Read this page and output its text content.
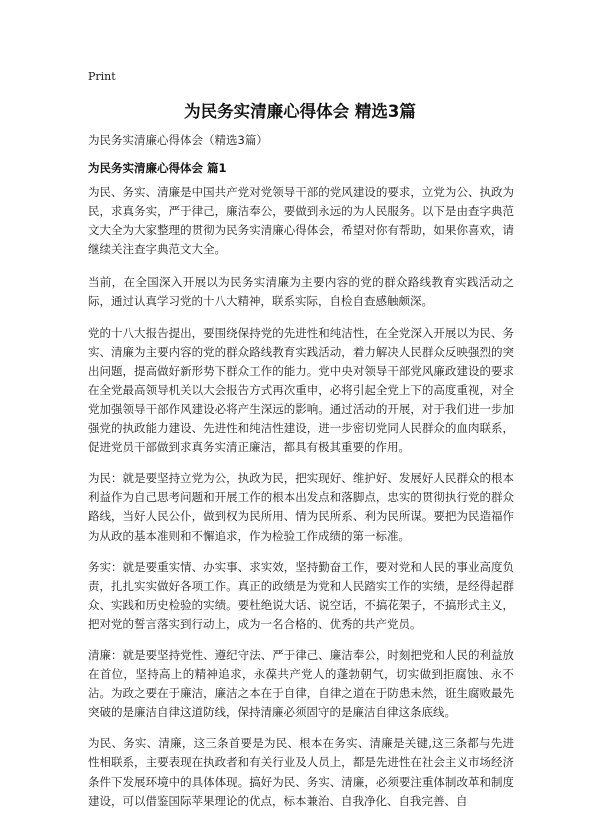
Print
为民务实清廉心得体会 精选3篇
为民务实清廉心得体会（精选3篇）
为民务实清廉心得体会 篇1

为民、务实、清廉是中国共产党对党领导干部的党风建设的要求，立党为公、执政为民，求真务实，严于律己，廉洁奉公，要做到永远的为人民服务。以下是由查字典范文大全为大家整理的贯彻为民务实清廉心得体会，希望对你有帮助，如果你喜欢，请继续关注查字典范文大全。

当前，在全国深入开展以为民务实清廉为主要内容的党的群众路线教育实践活动之际，通过认真学习党的十八大精神，联系实际，自检自查感触颇深。

党的十八大报告提出，要围绕保持党的先进性和纯洁性，在全党深入开展以为民、务实、清廉为主要内容的党的群众路线教育实践活动，着力解决人民群众反映强烈的突出问题，提高做好新形势下群众工作的能力。党中央对领导干部党风廉政建设的要求在全党最高领导机关以大会报告方式再次重申，必将引起全党上下的高度重视，对全党加强领导干部作风建设必将产生深远的影响。通过活动的开展，对于我们进一步加强党的执政能力建设、先进性和纯洁性建设，进一步密切党同人民群众的血肉联系，促进党员干部做到求真务实清正廉洁，都具有极其重要的作用。

为民：就是要坚持立党为公，执政为民，把实现好、维护好、发展好人民群众的根本利益作为自己思考问题和开展工作的根本出发点和落脚点，忠实的贯彻执行党的群众路线，当好人民公仆，做到权为民所用、情为民所系、利为民所谋。要把为民造福作为从政的基本准则和不懈追求，作为检验工作成绩的第一标准。

务实：就是要重实情、办实事、求实效，坚持勤奋工作，要对党和人民的事业高度负责，扎扎实实做好各项工作。真正的政绩是为党和人民踏实工作的实绩，是经得起群众、实践和历史检验的实绩。要杜绝说大话、说空话，不搞花架子，不搞形式主义，把对党的誓言落实到行动上，成为一名合格的、优秀的共产党员。

清廉：就是要坚持党性、遵纪守法、严于律己、廉洁奉公，时刻把党和人民的利益放在首位，坚持高上的精神追求，永葆共产党人的蓬勃朝气，切实做到拒腐蚀、永不沾。为政之要在于廉洁，廉洁之本在于自律，自律之道在于防患未然，诳生腐败最先突破的是廉洁自律这道防线，保持清廉必须固守的是廉洁自律这条底线。

为民、务实、清廉，这三条首要是为民、根本在务实、清廉是关键,这三条都与先进性相联系，主要表现在执政者和有关行业及人员上，都是先进性在社会主义市场经济条件下发展环境中的具体体现。搞好为民、务实、清廉，必须要注重体制改革和制度建设，可以借鉴国际苹果理论的优点，标本兼治、自我净化、自我完善、自
